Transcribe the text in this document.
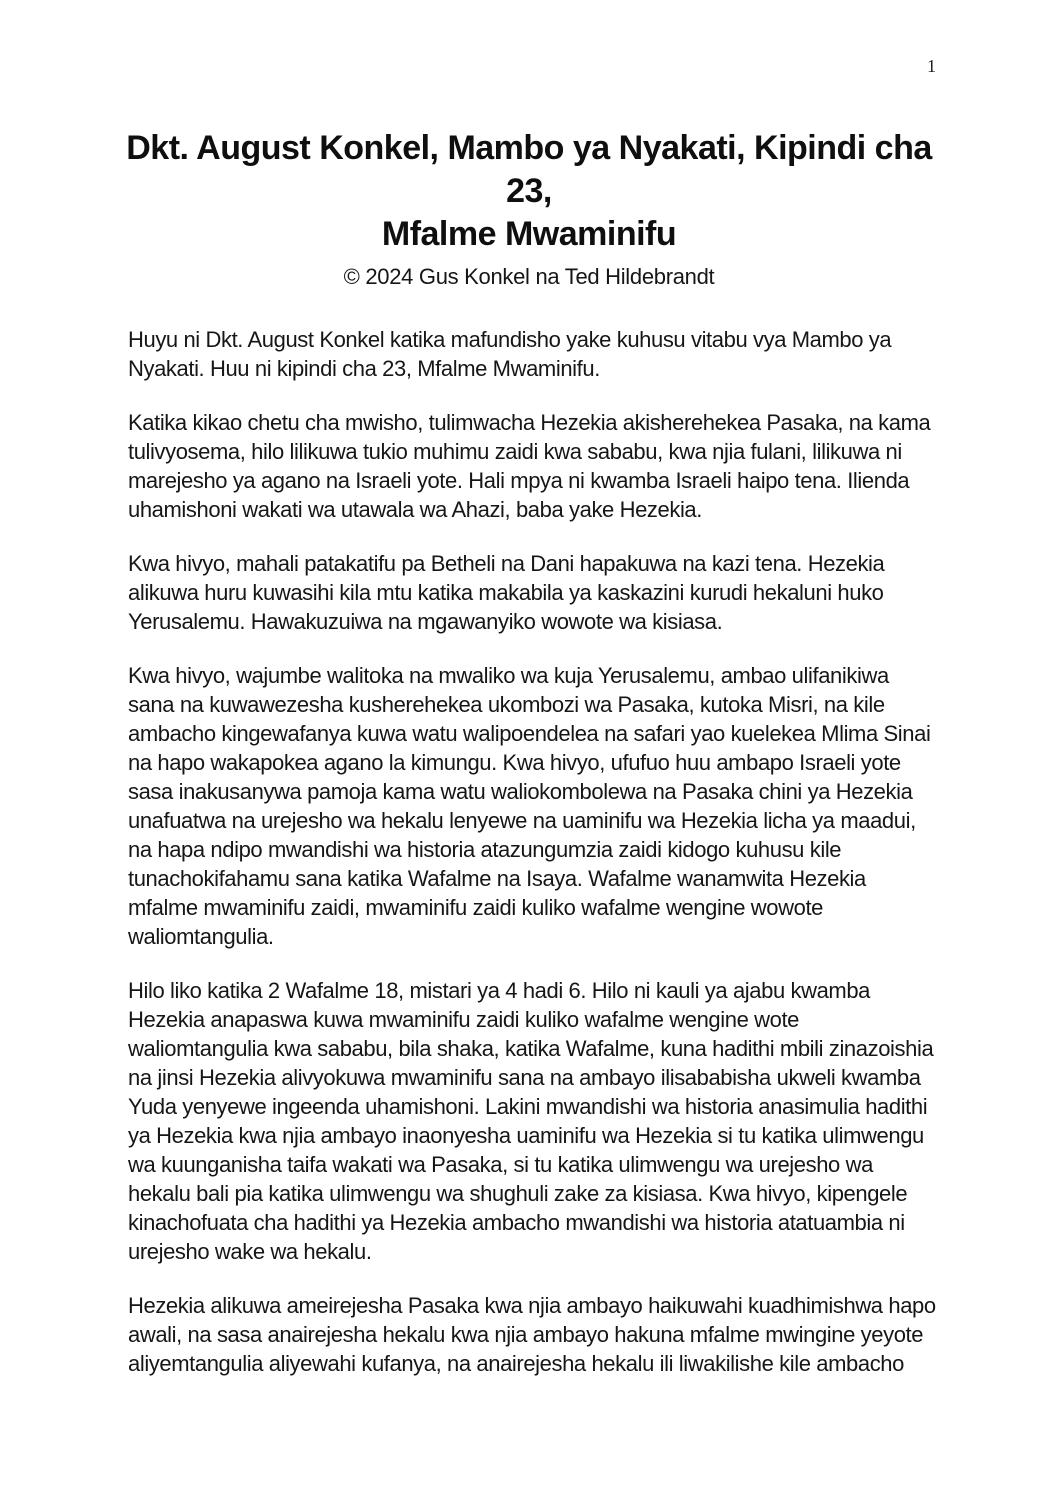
1
Dkt. August Konkel, Mambo ya Nyakati, Kipindi cha
23,
Mfalme Mwaminifu
© 2024 Gus Konkel na Ted Hildebrandt

Huyu ni Dkt. August Konkel katika mafundisho yake kuhusu vitabu vya Mambo ya Nyakati. Huu ni kipindi cha 23, Mfalme Mwaminifu.

Katika kikao chetu cha mwisho, tulimwacha Hezekia akisherehekea Pasaka, na kama tulivyosema, hilo lilikuwa tukio muhimu zaidi kwa sababu, kwa njia fulani, lilikuwa ni marejesho ya agano na Israeli yote. Hali mpya ni kwamba Israeli haipo tena. Ilienda uhamishoni wakati wa utawala wa Ahazi, baba yake Hezekia.

Kwa hivyo, mahali patakatifu pa Betheli na Dani hapakuwa na kazi tena. Hezekia alikuwa huru kuwasihi kila mtu katika makabila ya kaskazini kurudi hekaluni huko Yerusalemu. Hawakuzuiwa na mgawanyiko wowote wa kisiasa.

Kwa hivyo, wajumbe walitoka na mwaliko wa kuja Yerusalemu, ambao ulifanikiwa sana na kuwawezesha kusherehekea ukombozi wa Pasaka, kutoka Misri, na kile ambacho kingewafanya kuwa watu walipoendelea na safari yao kuelekea Mlima Sinai na hapo wakapokea agano la kimungu. Kwa hivyo, ufufuo huu ambapo Israeli yote sasa inakusanywa pamoja kama watu waliokombolewa na Pasaka chini ya Hezekia unafuatwa na urejesho wa hekalu lenyewe na uaminifu wa Hezekia licha ya maadui, na hapa ndipo mwandishi wa historia atazungumzia zaidi kidogo kuhusu kile tunachokifahamu sana katika Wafalme na Isaya. Wafalme wanamwita Hezekia mfalme mwaminifu zaidi, mwaminifu zaidi kuliko wafalme wengine wowote waliomtangulia.

Hilo liko katika 2 Wafalme 18, mistari ya 4 hadi 6. Hilo ni kauli ya ajabu kwamba Hezekia anapaswa kuwa mwaminifu zaidi kuliko wafalme wengine wote waliomtangulia kwa sababu, bila shaka, katika Wafalme, kuna hadithi mbili zinazoishia na jinsi Hezekia alivyokuwa mwaminifu sana na ambayo ilisababisha ukweli kwamba Yuda yenyewe ingeenda uhamishoni. Lakini mwandishi wa historia anasimulia hadithi ya Hezekia kwa njia ambayo inaonyesha uaminifu wa Hezekia si tu katika ulimwengu wa kuunganisha taifa wakati wa Pasaka, si tu katika ulimwengu wa urejesho wa hekalu bali pia katika ulimwengu wa shughuli zake za kisiasa. Kwa hivyo, kipengele kinachofuata cha hadithi ya Hezekia ambacho mwandishi wa historia atatuambia ni urejesho wake wa hekalu.

Hezekia alikuwa ameirejesha Pasaka kwa njia ambayo haikuwahi kuadhimishwa hapo awali, na sasa anairejesha hekalu kwa njia ambayo hakuna mfalme mwingine yeyote aliyemtangulia aliyewahi kufanya, na anairejesha hekalu ili liwakilishe kile ambacho
